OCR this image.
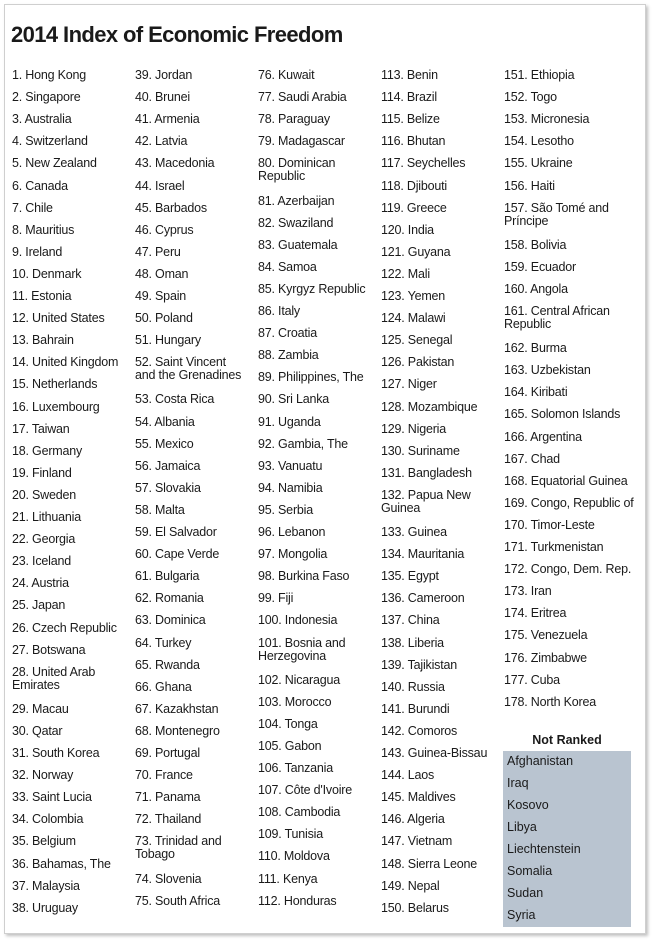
2014 Index of Economic Freedom
1. Hong Kong
2. Singapore
3. Australia
4. Switzerland
5. New Zealand
6. Canada
7. Chile
8. Mauritius
9. Ireland
10. Denmark
11. Estonia
12. United States
13. Bahrain
14. United Kingdom
15. Netherlands
16. Luxembourg
17. Taiwan
18. Germany
19. Finland
20. Sweden
21. Lithuania
22. Georgia
23. Iceland
24. Austria
25. Japan
26. Czech Republic
27. Botswana
28. United Arab Emirates
29. Macau
30. Qatar
31. South Korea
32. Norway
33. Saint Lucia
34. Colombia
35. Belgium
36. Bahamas, The
37. Malaysia
38. Uruguay
39. Jordan
40. Brunei
41. Armenia
42. Latvia
43. Macedonia
44. Israel
45. Barbados
46. Cyprus
47. Peru
48. Oman
49. Spain
50. Poland
51. Hungary
52. Saint Vincent and the Grenadines
53. Costa Rica
54. Albania
55. Mexico
56. Jamaica
57. Slovakia
58. Malta
59. El Salvador
60. Cape Verde
61. Bulgaria
62. Romania
63. Dominica
64. Turkey
65. Rwanda
66. Ghana
67. Kazakhstan
68. Montenegro
69. Portugal
70. France
71. Panama
72. Thailand
73. Trinidad and Tobago
74. Slovenia
75. South Africa
76. Kuwait
77. Saudi Arabia
78. Paraguay
79. Madagascar
80. Dominican Republic
81. Azerbaijan
82. Swaziland
83. Guatemala
84. Samoa
85. Kyrgyz Republic
86. Italy
87. Croatia
88. Zambia
89. Philippines, The
90. Sri Lanka
91. Uganda
92. Gambia, The
93. Vanuatu
94. Namibia
95. Serbia
96. Lebanon
97. Mongolia
98. Burkina Faso
99. Fiji
100. Indonesia
101. Bosnia and Herzegovina
102. Nicaragua
103. Morocco
104. Tonga
105. Gabon
106. Tanzania
107. Côte d'Ivoire
108. Cambodia
109. Tunisia
110. Moldova
111. Kenya
112. Honduras
113. Benin
114. Brazil
115. Belize
116. Bhutan
117. Seychelles
118. Djibouti
119. Greece
120. India
121. Guyana
122. Mali
123. Yemen
124. Malawi
125. Senegal
126. Pakistan
127. Niger
128. Mozambique
129. Nigeria
130. Suriname
131. Bangladesh
132. Papua New Guinea
133. Guinea
134. Mauritania
135. Egypt
136. Cameroon
137. China
138. Liberia
139. Tajikistan
140. Russia
141. Burundi
142. Comoros
143. Guinea-Bissau
144. Laos
145. Maldives
146. Algeria
147. Vietnam
148. Sierra Leone
149. Nepal
150. Belarus
151. Ethiopia
152. Togo
153. Micronesia
154. Lesotho
155. Ukraine
156. Haiti
157. São Tomé and Príncipe
158. Bolivia
159. Ecuador
160. Angola
161. Central African Republic
162. Burma
163. Uzbekistan
164. Kiribati
165. Solomon Islands
166. Argentina
167. Chad
168. Equatorial Guinea
169. Congo, Republic of
170. Timor-Leste
171. Turkmenistan
172. Congo, Dem. Rep.
173. Iran
174. Eritrea
175. Venezuela
176. Zimbabwe
177. Cuba
178. North Korea
Not Ranked
Afghanistan
Iraq
Kosovo
Libya
Liechtenstein
Somalia
Sudan
Syria
